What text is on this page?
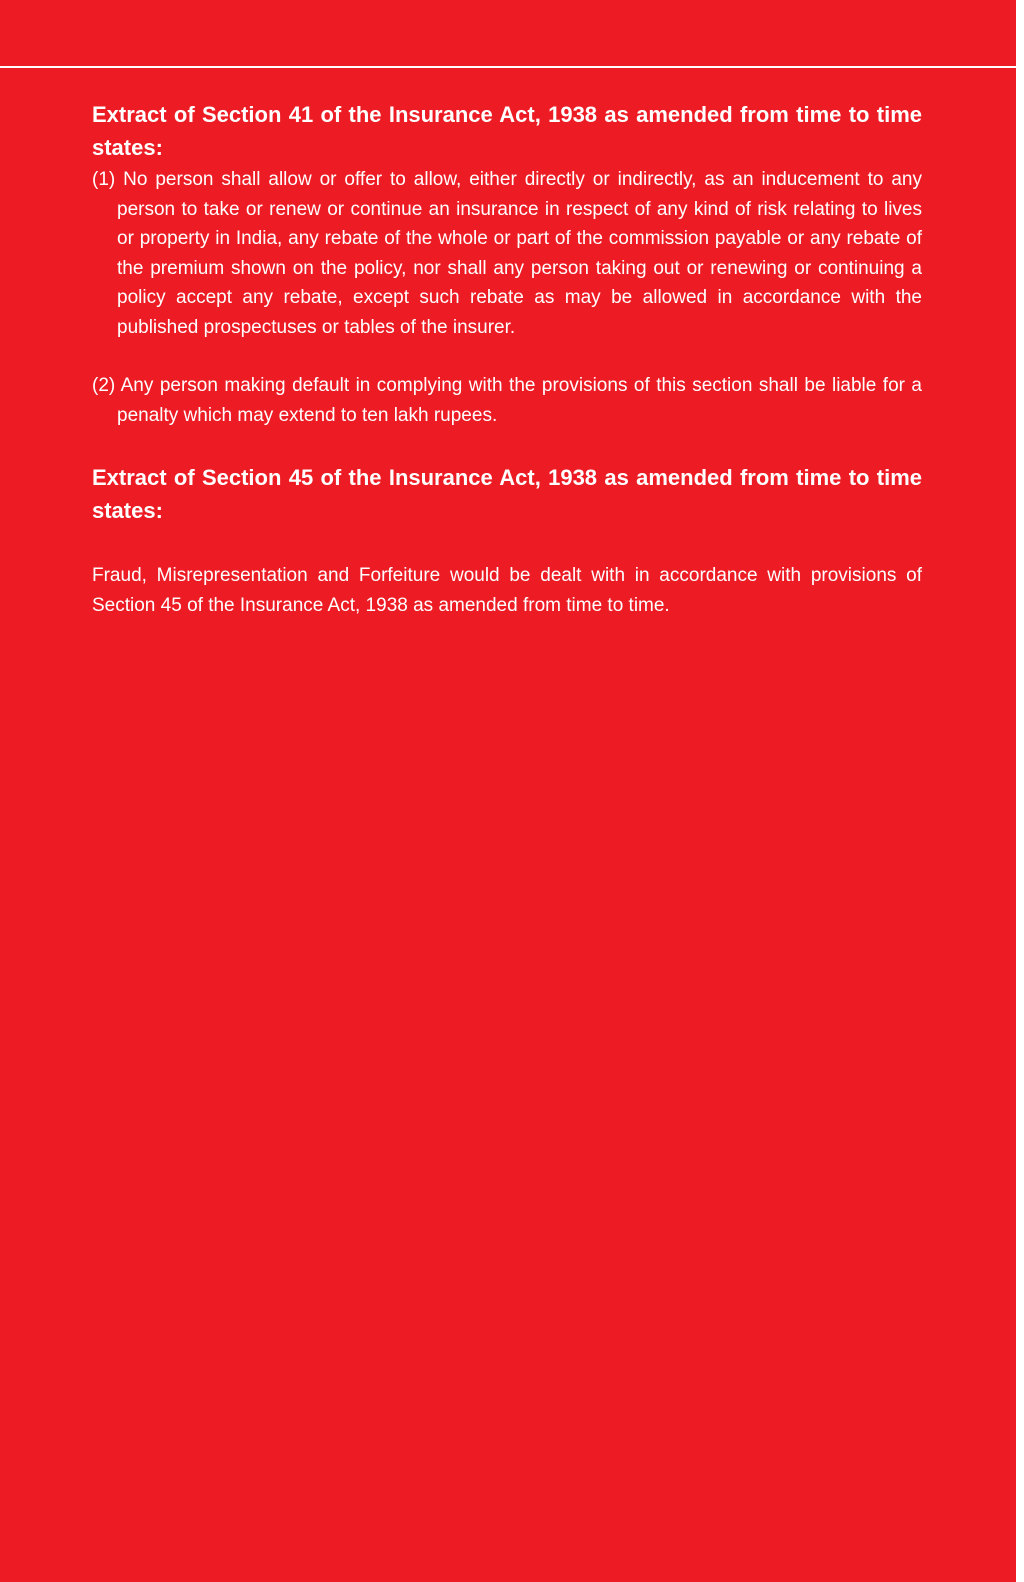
Extract of Section 41 of the Insurance Act, 1938 as amended from time to time states:

(1) No person shall allow or offer to allow, either directly or indirectly, as an inducement to any person to take or renew or continue an insurance in respect of any kind of risk relating to lives or property in India, any rebate of the whole or part of the commission payable or any rebate of the premium shown on the policy, nor shall any person taking out or renewing or continuing a policy accept any rebate, except such rebate as may be allowed in accordance with the published prospectuses or tables of the insurer.

(2) Any person making default in complying with the provisions of this section shall be liable for a penalty which may extend to ten lakh rupees.

Extract of Section 45 of the Insurance Act, 1938 as amended from time to time states:

Fraud, Misrepresentation and Forfeiture would be dealt with in accordance with provisions of Section 45 of the Insurance Act, 1938 as amended from time to time.
